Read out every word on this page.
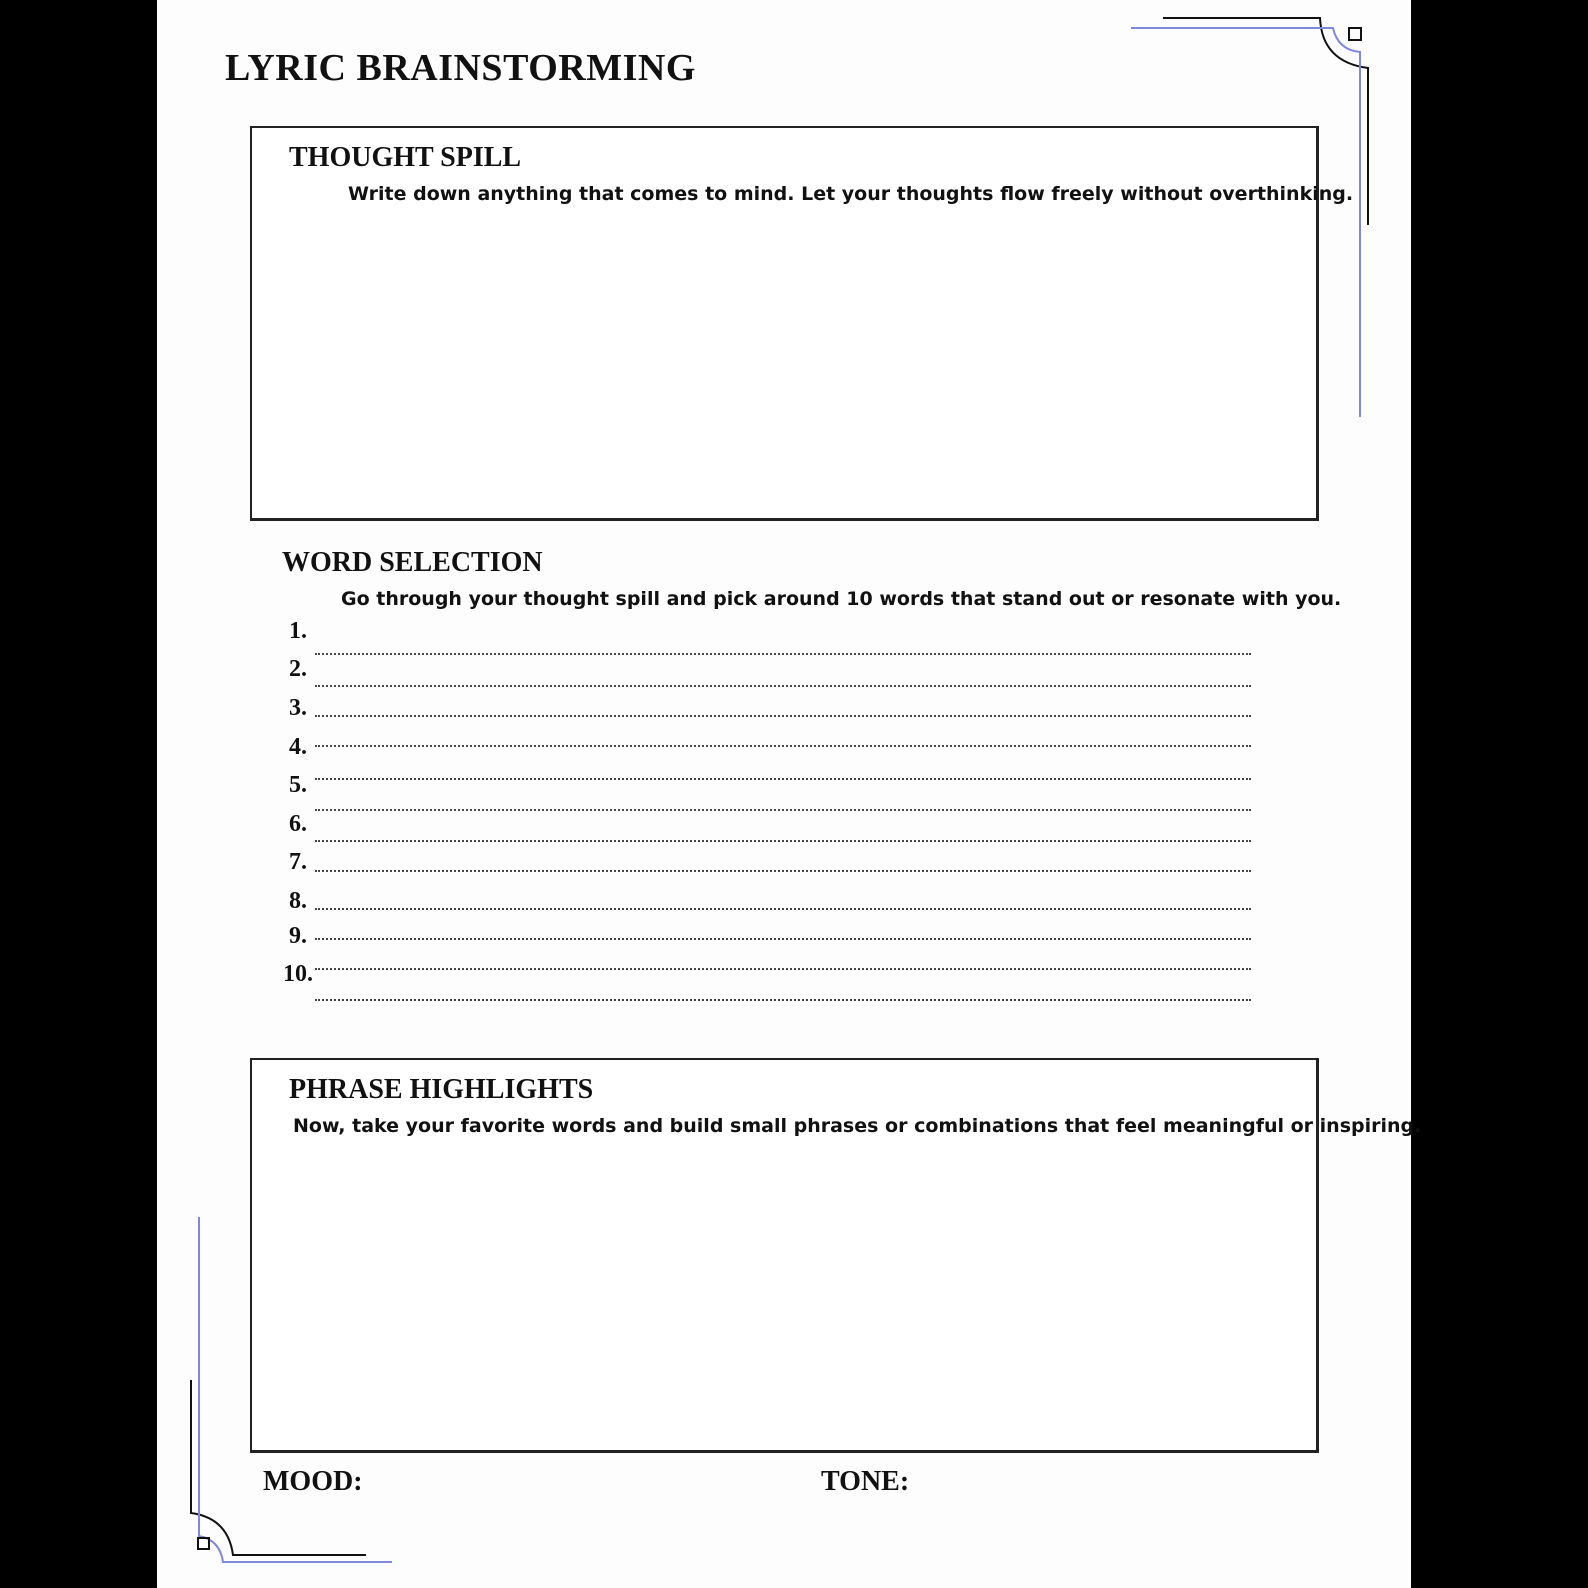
LYRIC BRAINSTORMING
THOUGHT SPILL
Write down anything that comes to mind. Let your thoughts flow freely without overthinking.
WORD SELECTION
Go through your thought spill and pick around 10 words that stand out or resonate with you.
1.
2.
3.
4.
5.
6.
7.
8.
9.
10.
PHRASE HIGHLIGHTS
Now, take your favorite words and build small phrases or combinations that feel meaningful or inspiring.
MOOD:	TONE:
